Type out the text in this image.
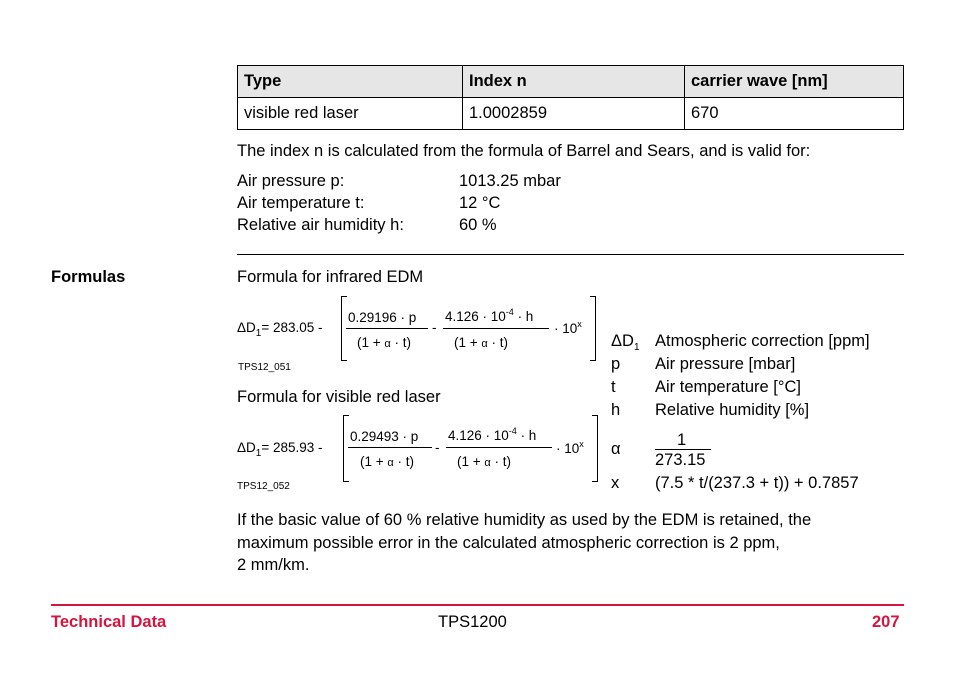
Type	Index n	carrier wave [nm]
visible red laser	1.0002859	670
The index n is calculated from the formula of Barrel and Sears, and is valid for:
Air pressure p:	1013.25 mbar
Air temperature t:	12 °C
Relative air humidity h:	60 %
Formulas	Formula for infrared EDM
$\Delta D_1= 283.05$ -
0.29196 · p
(1 + α · t)
-
$4.126 \cdot 10^{-4} \cdot h$
(1 + α · t)
· $10^x$
TPS12_051
Formula for visible red laser
$\Delta D_1= 285.93$ -
0.29493 · p
(1 + α · t)
-
$4.126 \cdot 10^{-4} \cdot h$
(1 + α · t)
· $10^x$
TPS12_052
$\Delta D_1$ Atmospheric correction [ppm]
p Air pressure [mbar]
t Air temperature [°C]
h Relative humidity [%]
α	1
273.15
x (7.5 * t/(237.3 + t)) + 0.7857
If the basic value of 60 % relative humidity as used by the EDM is retained, the
maximum possible error in the calculated atmospheric correction is 2 ppm,
2 mm/km.
Technical Data	TPS1200	207
